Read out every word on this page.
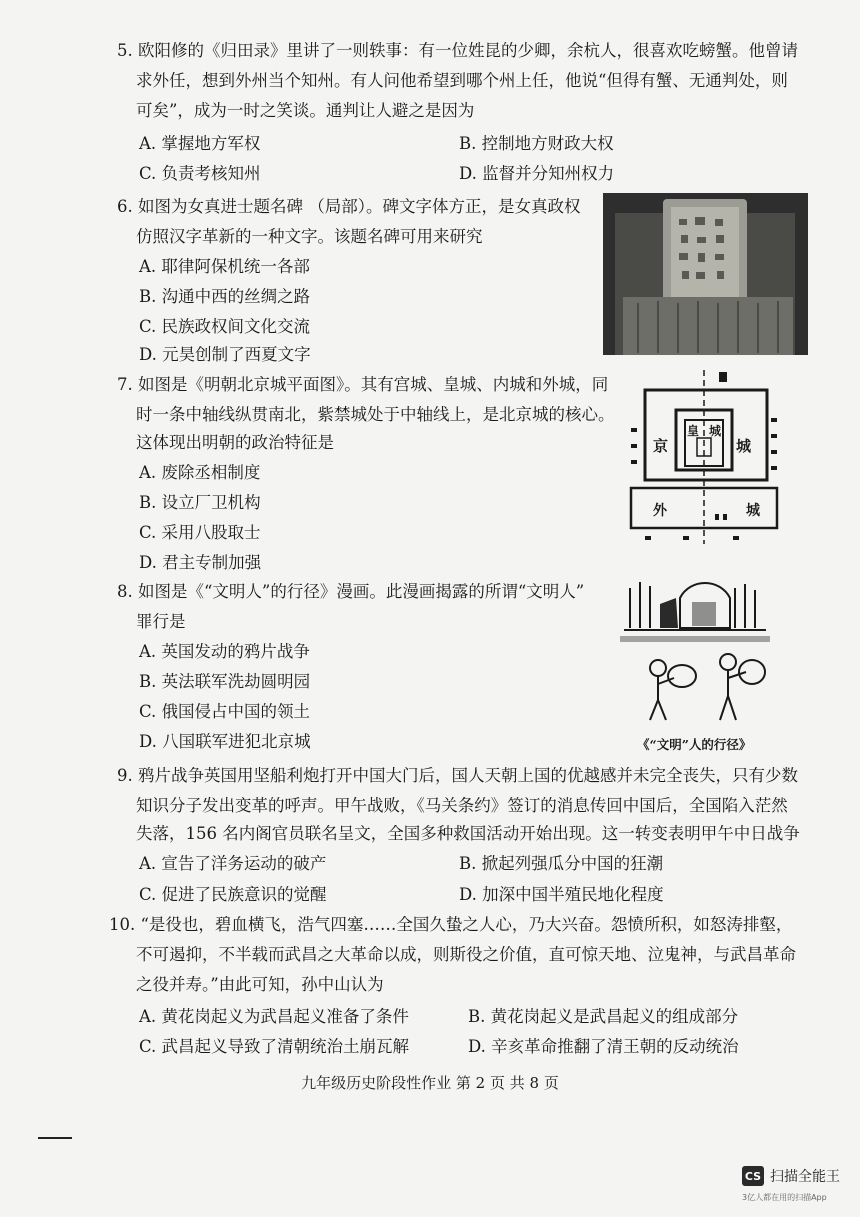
5. 欧阳修的《归田录》里讲了一则轶事：有一位姓昆的少卿，余杭人，很喜欢吃螃蟹。他曾请
求外任，想到外州当个知州。有人问他希望到哪个州上任，他说“但得有蟹、无通判处，则
可矣”，成为一时之笑谈。通判让人避之是因为
A. 掌握地方军权	B. 控制地方财政大权
C. 负责考核知州	D. 监督并分知州权力
6. 如图为女真进士题名碑 （局部）。碑文字体方正，是女真政权
仿照汉字革新的一种文字。该题名碑可用来研究
A. 耶律阿保机统一各部
B. 沟通中西的丝绸之路
C. 民族政权间文化交流
D. 元昊创制了西夏文字
7. 如图是《明朝北京城平面图》。其有宫城、皇城、内城和外城，同
时一条中轴线纵贯南北，紫禁城处于中轴线上，是北京城的核心。
这体现出明朝的政治特征是
A. 废除丞相制度
B. 设立厂卫机构
C. 采用八股取士
D. 君主专制加强
京	城
皇 城
外	城
8. 如图是《“文明人”的行径》漫画。此漫画揭露的所谓“文明人”
罪行是
A. 英国发动的鸦片战争
B. 英法联军洗劫圆明园
C. 俄国侵占中国的领土
D. 八国联军进犯北京城	《“文明”人的行径》
9. 鸦片战争英国用坚船利炮打开中国大门后，国人天朝上国的优越感并未完全丧失，只有少数
知识分子发出变革的呼声。甲午战败，《马关条约》签订的消息传回中国后，全国陷入茫然
失落，156 名内阁官员联名呈文，全国多种救国活动开始出现。这一转变表明甲午中日战争
A. 宣告了洋务运动的破产	B. 掀起列强瓜分中国的狂潮
C. 促进了民族意识的觉醒	D. 加深中国半殖民地化程度
10. “是役也，碧血横飞，浩气四塞……全国久蛰之人心，乃大兴奋。怨愤所积，如怒涛排壑，
不可遏抑，不半载而武昌之大革命以成，则斯役之价值，直可惊天地、泣鬼神，与武昌革命
之役并寿。”由此可知，孙中山认为
A. 黄花岗起义为武昌起义准备了条件	B. 黄花岗起义是武昌起义的组成部分
C. 武昌起义导致了清朝统治土崩瓦解	D. 辛亥革命推翻了清王朝的反动统治
九年级历史阶段性作业 第 2 页 共 8 页
CS 扫描全能王
3亿人都在用的扫描App
